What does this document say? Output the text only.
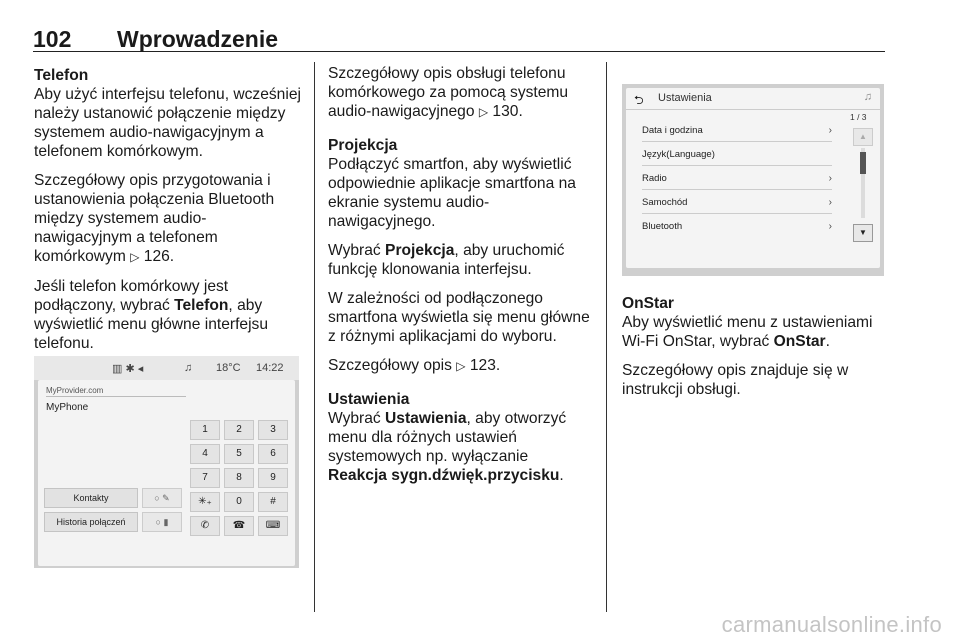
102 Wprowadzenie
Telefon

Aby użyć interfejsu telefonu, wcześniej należy ustanowić połączenie między systemem audio-nawigacyjnym a telefonem komórkowym.

Szczegółowy opis przygotowania i ustanowienia połączenia Bluetooth między systemem audio-nawigacyjnym a telefonem komórkowym ▷ 126.

Jeśli telefon komórkowy jest podłączony, wybrać Telefon, aby wyświetlić menu główne interfejsu telefonu.

▥ ✱ ◂	♫ 18°C 14:22
MyProvider.com
MyPhone
1	2	3
4	5	6
7	8	9
✳₊	0	#
✆	☎	⌨
Kontakty
Historia połączeń
○ ✎
○ ▮

Szczegółowy opis obsługi telefonu komórkowego za pomocą systemu audio-nawigacyjnego ▷ 130.

Projekcja

Podłączyć smartfon, aby wyświetlić odpowiednie aplikacje smartfona na ekranie systemu audio-nawigacyjnego.

Wybrać Projekcja, aby uruchomić funkcję klonowania interfejsu.

W zależności od podłączonego smartfona wyświetla się menu główne z różnymi aplikacjami do wyboru.

Szczegółowy opis ▷ 123.

Ustawienia

Wybrać Ustawienia, aby otworzyć menu dla różnych ustawień systemowych np. wyłączanie Reakcja sygn.dźwięk.przycisku.

⮌ Ustawienia	♫
Data i godzina	›
Język(Language)
Radio	›
Samochód	›
Bluetooth	›
1 / 3
▲
▼
OnStar

Aby wyświetlić menu z ustawieniami Wi-Fi OnStar, wybrać OnStar.

Szczegółowy opis znajduje się w instrukcji obsługi.

carmanualsonline.info
